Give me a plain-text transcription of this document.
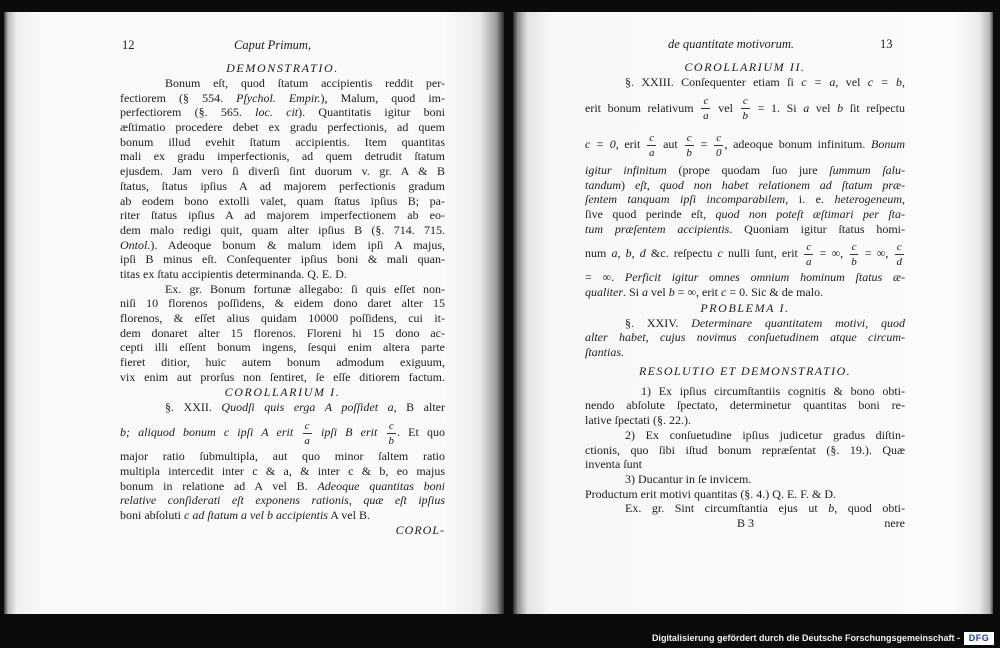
12	Caput Primum,
DEMONSTRATIO.
Bonum eſt, quod ſtatum accipientis reddit per-
fectiorem (§ 554. Pſychol. Empir.), Malum, quod im-
perfectiorem (§. 565. loc. cit). Quantitatis igitur boni
æſtimatio procedere debet ex gradu perfectionis, ad quem
bonum illud evehit ſtatum accipientis. Item quantitas
mali ex gradu imperfectionis, ad quem detrudit ſtatum
ejusdem. Jam vero ſi diverſi ſint duorum v. gr. A & B
ſtatus, ſtatus ipſius A ad majorem perfectionis gradum
ab eodem bono extolli valet, quam ſtatus ipſius B; pa-
riter ſtatus ipſius A ad majorem imperfectionem ab eo-
dem malo redigi quit, quam alter ipſius B (§. 714. 715.
Ontol.). Adeoque bonum & malum idem ipſi A majus,
ipſi B minus eſt. Conſequenter ipſius boni & mali quan-
titas ex ſtatu accipientis determinanda. Q. E. D.
Ex. gr. Bonum fortunæ allegabo: ſi quis eſſet non-
niſi 10 florenos poſſidens, & eidem dono daret alter 15
florenos, & eſſet alius quidam 10000 poſſidens, cui it-
dem donaret alter 15 florenos. Floreni hi 15 dono ac-
cepti illi eſſent bonum ingens, ſesqui enim altera parte
fieret ditior, huic autem bonum admodum exiguum,
vix enim aut prorſus non ſentiret, ſe eſſe ditiorem factum.
COROLLARIUM I.
§. XXII. Quodſi quis erga A poſſidet a, B alter
b; aliquod bonum c ipſi A erit $\frac{c}{a}$ ipſi B erit $\frac{c}{b}$ . Et quo
major ratio ſubmultipla, aut quo minor ſaltem ratio
multipla intercedit inter c & a, & inter c & b, eo majus
bonum in relatione ad A vel B. Adeoque quantitas boni
relative conſiderati eſt exponens rationis, quæ eſt ipſius
boni abſoluti c ad ſtatum a vel b accipientis A vel B.
COROL-
de quantitate motivorum.	13
COROLLARIUM II.
§. XXIII. Conſequenter etiam ſi c = a, vel c = b,
erit bonum relativum $\frac{c}{a}$ vel $\frac{c}{b} = 1$. Si a vel b ſit reſpectu
c = 0, erit $\frac{c}{a}$ aut $\frac{c}{b} = \frac{c}{0}$ , adeoque bonum infinitum. Bonum
igitur infinitum (prope quodam ſuo jure ſummum ſalu-
tandum) eſt, quod non habet relationem ad ſtatum præ-
ſentem tanquam ipſi incomparabilem, i. e. heterogeneum,
ſive quod perinde eſt, quod non poteſt æſtimari per ſta-
tum præſentem accipientis. Quoniam igitur ſtatus homi-
num a, b, d &c. reſpectu c nulli ſunt, erit $\frac{c}{a}$ = ∞, $\frac{c}{b}$ = ∞, $\frac{c}{d}$
= ∞. Perficit igitur omnes omnium hominum ſtatus æ-
qualiter. Si a vel b = ∞, erit c = 0. Sic & de malo.
PROBLEMA I.
§. XXIV. Determinare quantitatem motivi, quod
alter habet, cujus novimus conſuetudinem atque circum-
ſtantias.
RESOLUTIO ET DEMONSTRATIO.
1) Ex ipſius circumſtantiis cognitis & bono obti-
nendo abſolute ſpectato, determinetur quantitas boni re-
lative ſpectati (§. 22.).
2) Ex conſuetudine ipſius judicetur gradus diſtin-
ctionis, quo ſibi iſtud bonum repræſentat (§. 19.). Quæ
inventa ſunt
3) Ducantur in ſe invicem.
Productum erit motivi quantitas (§. 4.) Q. E. F. & D.
Ex. gr. Sint circumſtantia ejus ut b, quod obti-
B 3	nere
Digitalisierung gefördert durch die Deutsche Forschungsgemeinschaft - DFG
